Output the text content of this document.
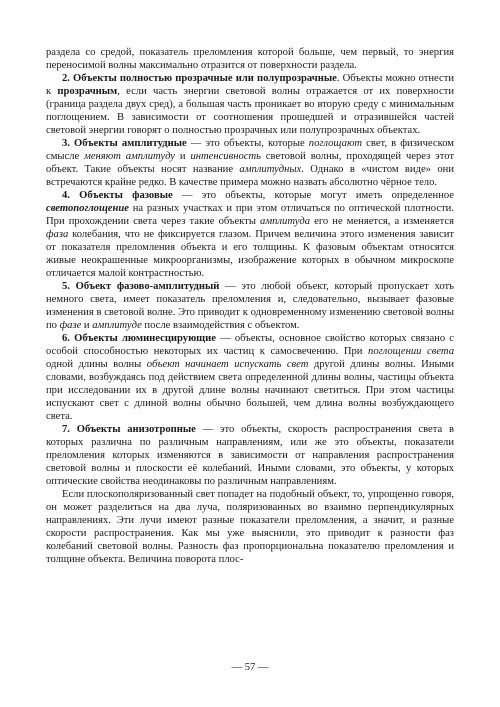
раздела со средой, показатель преломления которой больше, чем первый, то энергия переносимой волны максимально отразится от поверхности раздела.

2. Объекты полностью прозрачные или полупрозрачные. Объекты можно отнести к прозрачным, если часть энергии световой волны отражается от их поверхности (граница раздела двух сред), а большая часть проникает во вторую среду с минимальным поглощением. В зависимости от соотношения прошедшей и отразившейся частей световой энергии говорят о полностью прозрачных или полупрозрачных объектах.

3. Объекты амплитудные — это объекты, которые поглощают свет, в физическом смысле меняют амплитуду и интенсивность световой волны, проходящей через этот объект. Такие объекты носят название амплитудных. Однако в «чистом виде» они встречаются крайне редко. В качестве примера можно назвать абсолютно чёрное тело.

4. Объекты фазовые — это объекты, которые могут иметь определенное светопоглощение на разных участках и при этом отличаться по оптической плотности. При прохождении света через такие объекты амплитуда его не меняется, а изменяется фаза колебания, что не фиксируется глазом. Причем величина этого изменения зависит от показателя преломления объекта и его толщины. К фазовым объектам относятся живые неокрашенные микроорганизмы, изображение которых в обычном микроскопе отличается малой контрастностью.

5. Объект фазово-амплитудный — это любой объект, который пропускает хоть немного света, имеет показатель преломления и, следовательно, вызывает фазовые изменения в световой волне. Это приводит к одновременному изменению световой волны по фазе и амплитуде после взаимодействия с объектом.

6. Объекты люминесцирующие — объекты, основное свойство которых связано с особой способностью некоторых их частиц к самосвечению. При поглощении света одной длины волны объект начинает испускать свет другой длины волны. Иными словами, возбуждаясь под действием света определенной длины волны, частицы объекта при исследовании их в другой длине волны начинают светиться. При этом частицы испускают свет с длиной волны обычно большей, чем длина волны возбуждающего света.

7. Объекты анизотропные — это объекты, скорость распространения света в которых различна по различным направлениям, или же это объекты, показатели преломления которых изменяются в зависимости от направления распространения световой волны и плоскости её колебаний. Иными словами, это объекты, у которых оптические свойства неодинаковы по различным направлениям.

Если плоскополяризованный свет попадет на подобный объект, то, упрощенно говоря, он может разделиться на два луча, поляризованных во взаимно перпендикулярных направлениях. Эти лучи имеют разные показатели преломления, а значит, и разные скорости распространения. Как мы уже выяснили, это приводит к разности фаз колебаний световой волны. Разность фаз пропорциональна показателю преломления и толщине объекта. Величина поворота плос-

— 57 —
